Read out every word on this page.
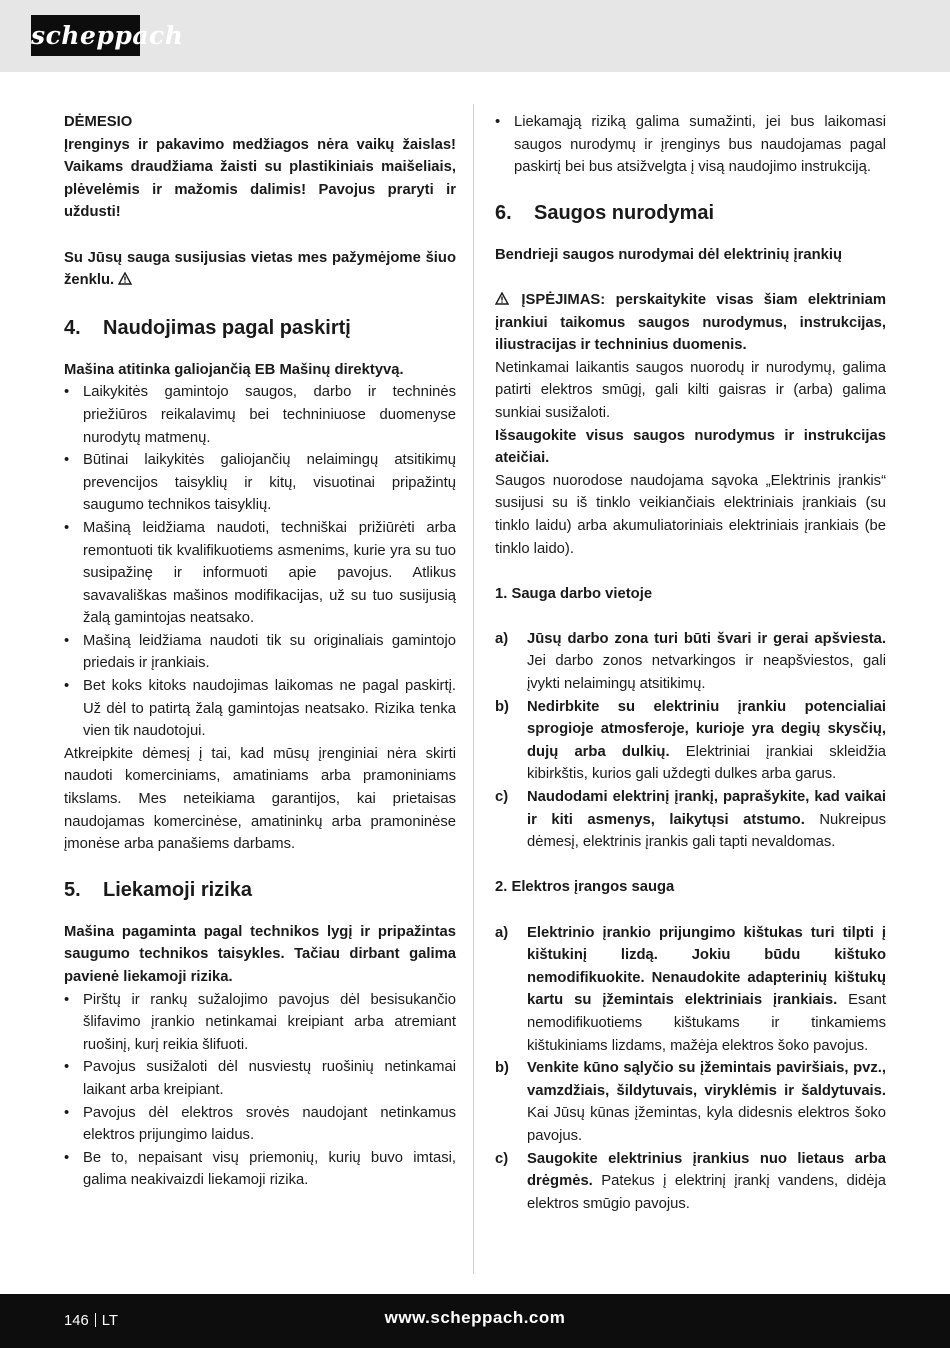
scheppach

DĖMESIO

Įrenginys ir pakavimo medžiagos nėra vaikų žaislas! Vaikams draudžiama žaisti su plastikiniais maišeliais, plėvelėmis ir mažomis dalimis! Pavojus praryti ir uždusti!

Su Jūsų sauga susijusias vietas mes pažymėjome šiuo ženklu.

4.	Naudojimas pagal paskirtį

Mašina atitinka galiojančią EB Mašinų direktyvą.

• Laikykitės gamintojo saugos, darbo ir techninės priežiūros reikalavimų bei techniniuose duomenyse nurodytų matmenų.
• Būtinai laikykitės galiojančių nelaimingų atsitikimų prevencijos taisyklių ir kitų, visuotinai pripažintų saugumo technikos taisyklių.
• Mašiną leidžiama naudoti, techniškai prižiūrėti arba remontuoti tik kvalifikuotiems asmenims, kurie yra su tuo susipažinę ir informuoti apie pavojus. Atlikus savavališkas mašinos modifikacijas, už su tuo susijusią žalą gamintojas neatsako.
• Mašiną leidžiama naudoti tik su originaliais gamintojo priedais ir įrankiais.
• Bet koks kitoks naudojimas laikomas ne pagal paskirtį. Už dėl to patirtą žalą gamintojas neatsako. Rizika tenka vien tik naudotojui.

Atkreipkite dėmesį į tai, kad mūsų įrenginiai nėra skirti naudoti komerciniams, amatiniams arba pramoniniams tikslams. Mes neteikiama garantijos, kai prietaisas naudojamas komercinėse, amatininkų arba pramoninėse įmonėse arba panašiems darbams.

5.	Liekamoji rizika

Mašina pagaminta pagal technikos lygį ir pripažintas saugumo technikos taisykles. Tačiau dirbant galima pavienė liekamoji rizika.

• Pirštų ir rankų sužalojimo pavojus dėl besisukančio šlifavimo įrankio netinkamai kreipiant arba atremiant ruošinį, kurį reikia šlifuoti.
• Pavojus susižaloti dėl nusviestų ruošinių netinkamai laikant arba kreipiant.
• Pavojus dėl elektros srovės naudojant netinkamus elektros prijungimo laidus.
• Be to, nepaisant visų priemonių, kurių buvo imtasi, galima neakivaizdi liekamoji rizika.
• Liekamąją riziką galima sumažinti, jei bus laikomasi saugos nurodymų ir įrenginys bus naudojamas pagal paskirtį bei bus atsižvelgta į visą naudojimo instrukciją.
6.	Saugos nurodymai

Bendrieji saugos nurodymai dėl elektrinių įrankių

ĮSPĖJIMAS: perskaitykite visas šiam elektriniam įrankiui taikomus saugos nurodymus, instrukcijas, iliustracijas ir techninius duomenis.

Netinkamai laikantis saugos nuorodų ir nurodymų, galima patirti elektros smūgį, gali kilti gaisras ir (arba) galima sunkiai susižaloti.

Išsaugokite visus saugos nurodymus ir instrukcijas ateičiai.

Saugos nuorodose naudojama sąvoka „Elektrinis įrankis“ susijusi su iš tinklo veikiančiais elektriniais įrankiais (su tinklo laidu) arba akumuliatoriniais elektriniais įrankiais (be tinklo laido).

1. Sauga darbo vietoje

a)	Jūsų darbo zona turi būti švari ir gerai apšviesta. Jei darbo zonos netvarkingos ir neapšviestos, gali įvykti nelaimingų atsitikimų.
b)	Nedirbkite su elektriniu įrankiu potencialiai sprogioje atmosferoje, kurioje yra degių skysčių, dujų arba dulkių. Elektriniai įrankiai skleidžia kibirkštis, kurios gali uždegti dulkes arba garus.
c)	Naudodami elektrinį įrankį, paprašykite, kad vaikai ir kiti asmenys, laikytųsi atstumo. Nukreipus dėmesį, elektrinis įrankis gali tapti nevaldomas.

2. Elektros įrangos sauga

a)	Elektrinio įrankio prijungimo kištukas turi tilpti į kištukinį lizdą. Jokiu būdu kištuko nemodifikuokite. Nenaudokite adapterinių kištukų kartu su įžemintais elektriniais įrankiais. Esant nemodifikuotiems kištukams ir tinkamiems kištukiniams lizdams, mažėja elektros šoko pavojus.
b)	Venkite kūno sąlyčio su įžemintais paviršiais, pvz., vamzdžiais, šildytuvais, viryklėmis ir šaldytuvais. Kai Jūsų kūnas įžemintas, kyla didesnis elektros šoko pavojus.
c)	Saugokite elektrinius įrankius nuo lietaus arba drėgmės. Patekus į elektrinį įrankį vandens, didėja elektros smūgio pavojus.
146 LT	www.scheppach.com
